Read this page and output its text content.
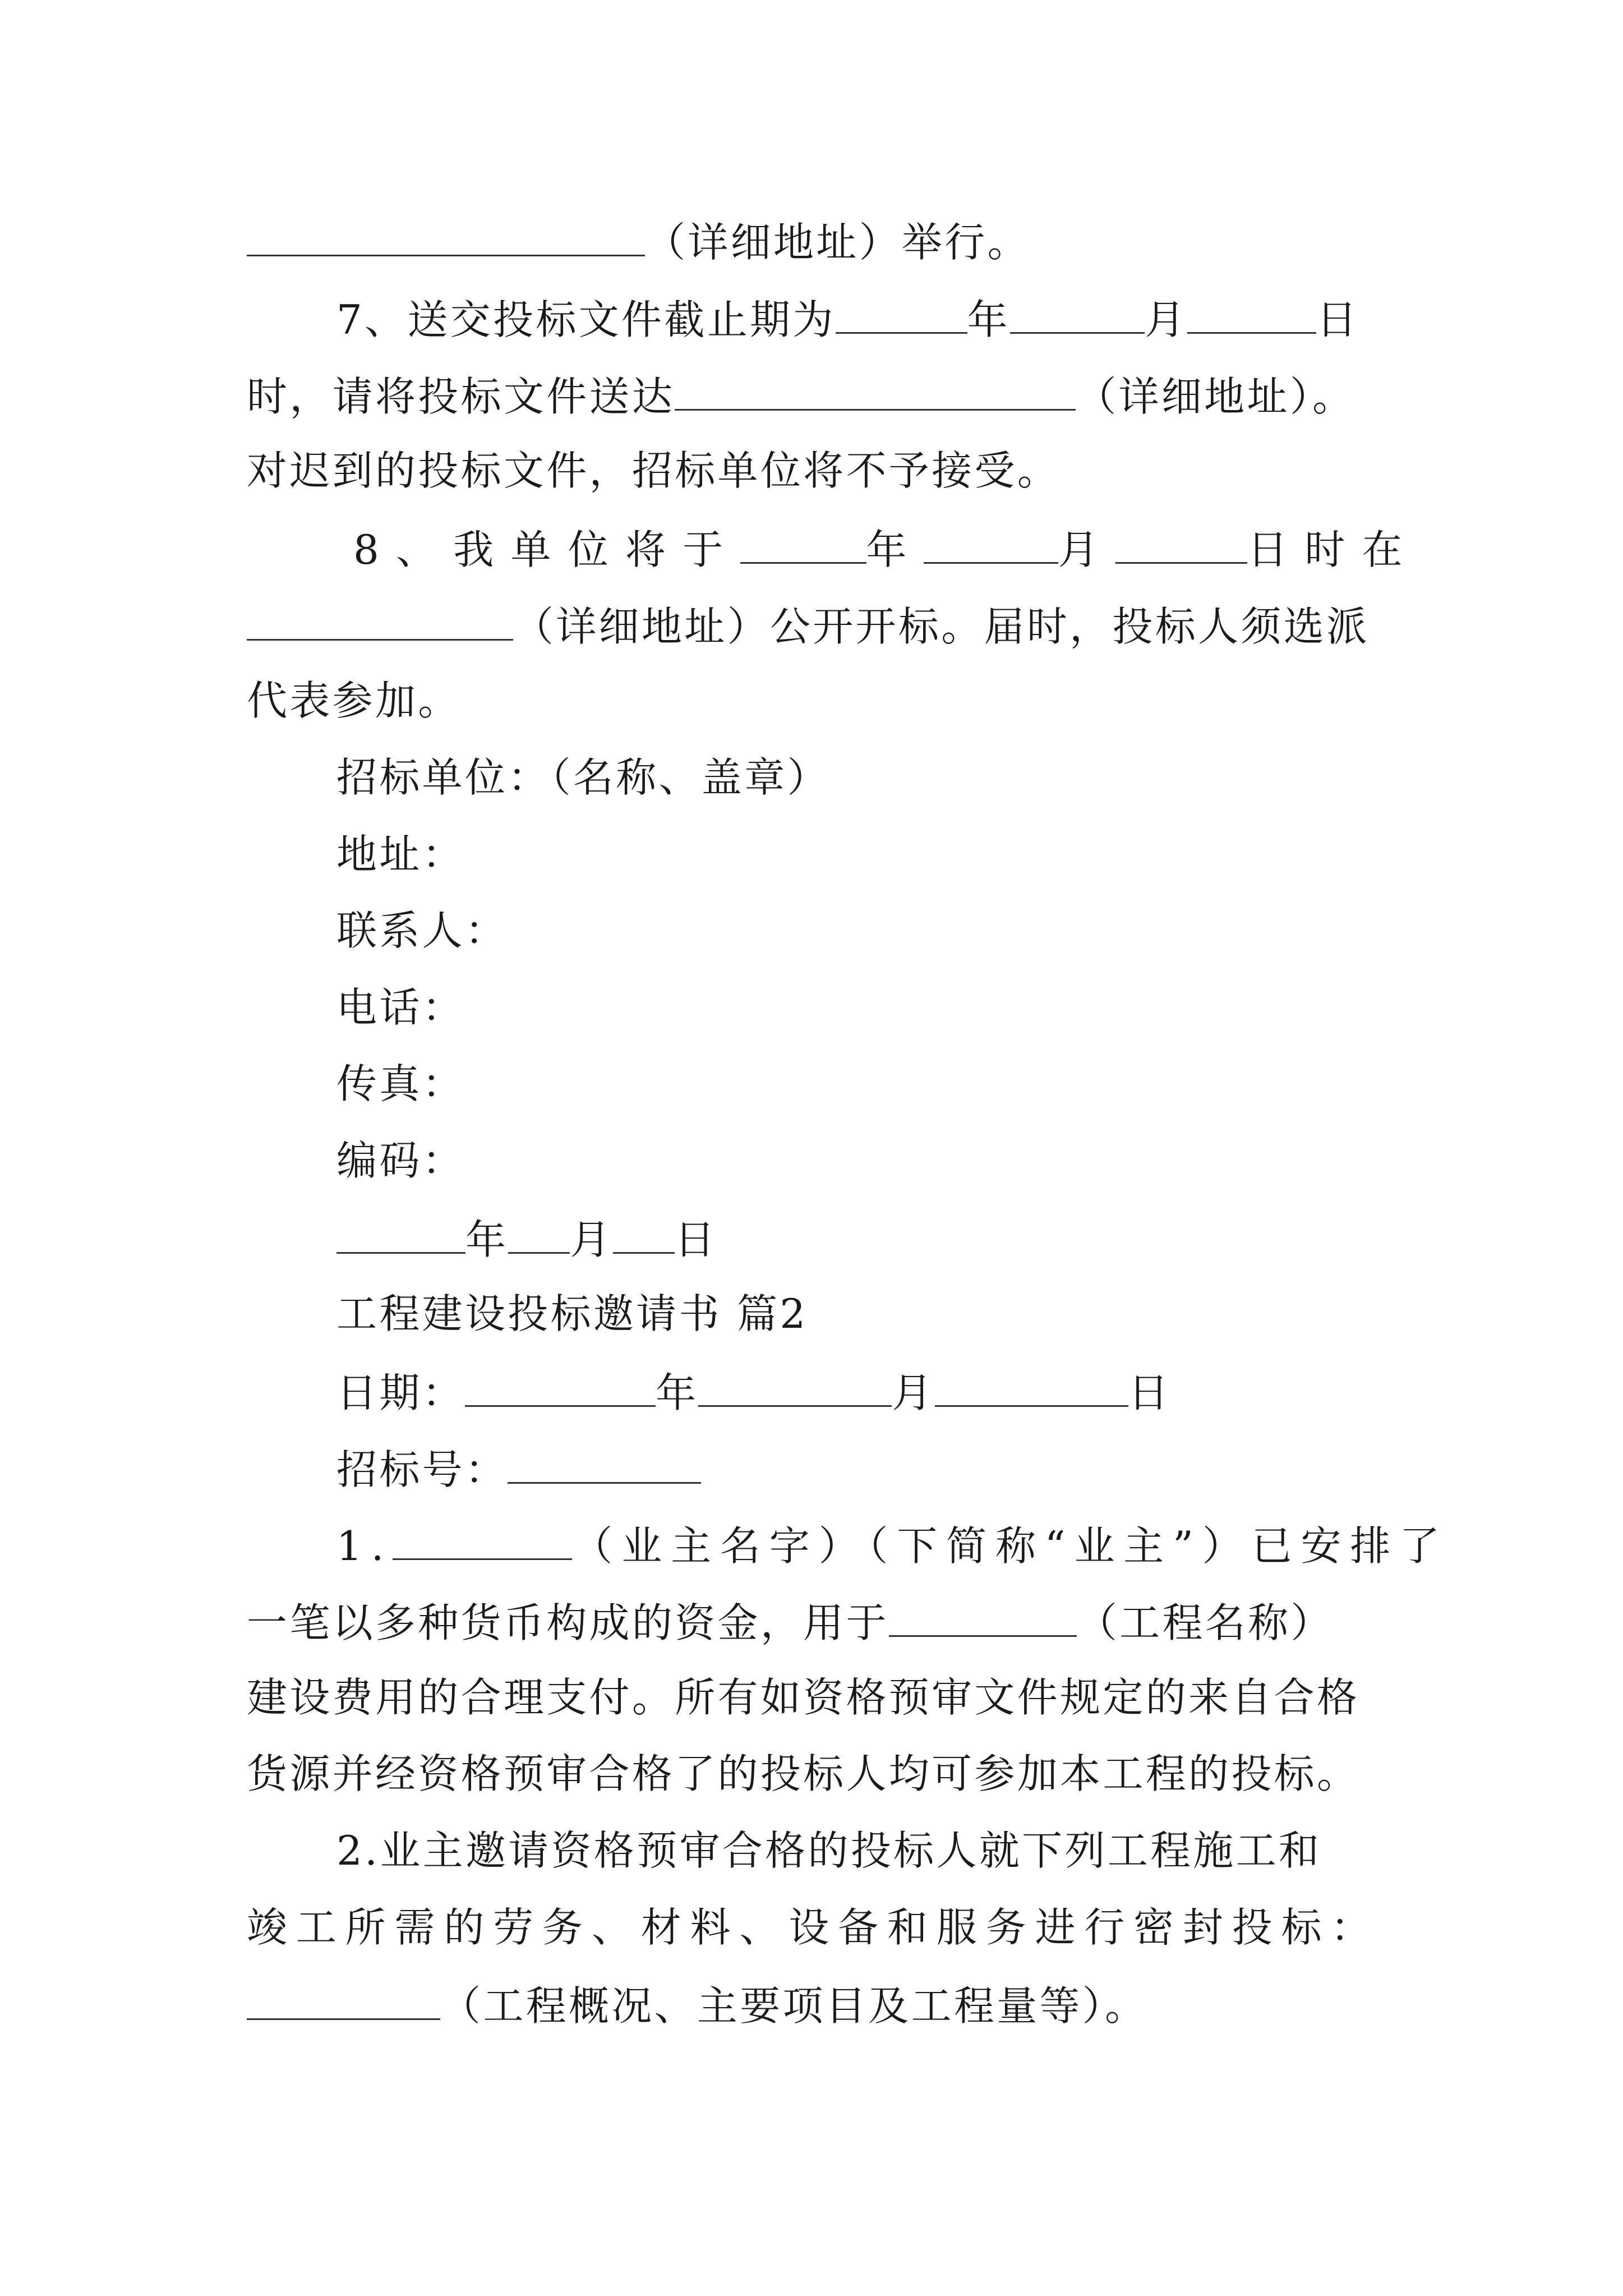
（详细地址）举行。
7、送交投标文件截止期为	年	月	日
时，请将投标文件送达	（详细地址）。
对迟到的投标文件，招标单位将不予接受。
8、我单位将于	年	月	日时在
（详细地址）公开开标。届时，投标人须选派
代表参加。
招标单位：（名称、盖章）
地址：
联系人：
电话：
传真：
编码：
年 月 日
工程建设投标邀请书 篇2
日期：	年	月	日
招标号：
1.	（业主名字）（下简称“业主”）已安排了
一笔以多种货币构成的资金，用于	（工程名称）
建设费用的合理支付。所有如资格预审文件规定的来自合格
货源并经资格预审合格了的投标人均可参加本工程的投标。
2.业主邀请资格预审合格的投标人就下列工程施工和
竣工所需的劳务、材料、设备和服务进行密封投标：
（工程概况、主要项目及工程量等）。
